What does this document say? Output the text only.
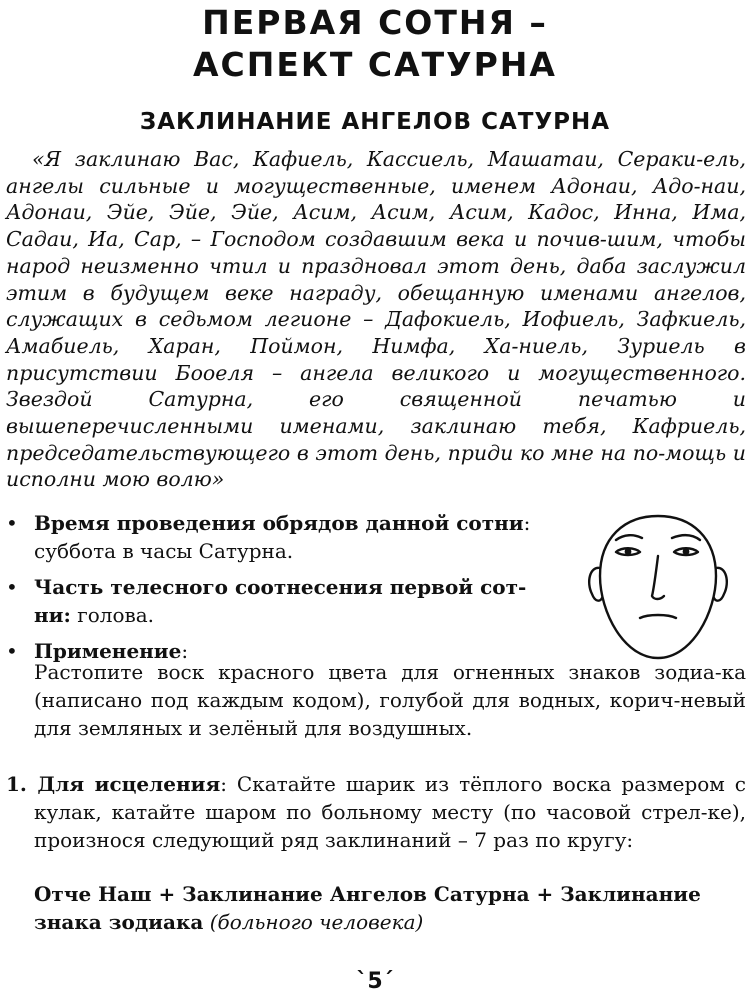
ПЕРВАЯ СОТНЯ –
АСПЕКТ САТУРНА
ЗАКЛИНАНИЕ АНГЕЛОВ САТУРНА

«Я заклинаю Вас, Кафиель, Кассиель, Машатаи, Сераки-ель, ангелы сильные и могущественные, именем Адонаи, Адо-наи, Адонаи, Эйе, Эйе, Эйе, Асим, Асим, Асим, Кадос, Инна, Има, Садаи, Иа, Сар, – Господом создавшим века и почив-шим, чтобы народ неизменно чтил и праздновал этот день, даба заслужил этим в будущем веке награду, обещанную именами ангелов, служащих в седьмом легионе – Дафокиель, Иофиель, Зафкиель, Амабиель, Харан, Поймон, Нимфа, Ха-ниель, Зуриель в присутствии Бооеля – ангела великого и могущественного. Звездой Сатурна, его священной печатью и вышеперечисленными именами, заклинаю тебя, Кафриель, председательствующего в этот день, приди ко мне на по-мощь и исполни мою волю»

• Время проведения обрядов данной сотни: суббота в часы Сатурна.
• Часть телесного соотнесения первой сот-ни: голова.
• Применение:

Растопите воск красного цвета для огненных знаков зодиа-ка (написано под каждым кодом), голубой для водных, корич-невый для земляных и зелёный для воздушных.

1. Для исцеления: Скатайте шарик из тёплого воска размером с кулак, катайте шаром по больному месту (по часовой стрел-ке), произнося следующий ряд заклинаний – 7 раз по кругу:

Отче Наш + Заклинание Ангелов Сатурна + Заклинание знака зодиака (больного человека)

`5´
